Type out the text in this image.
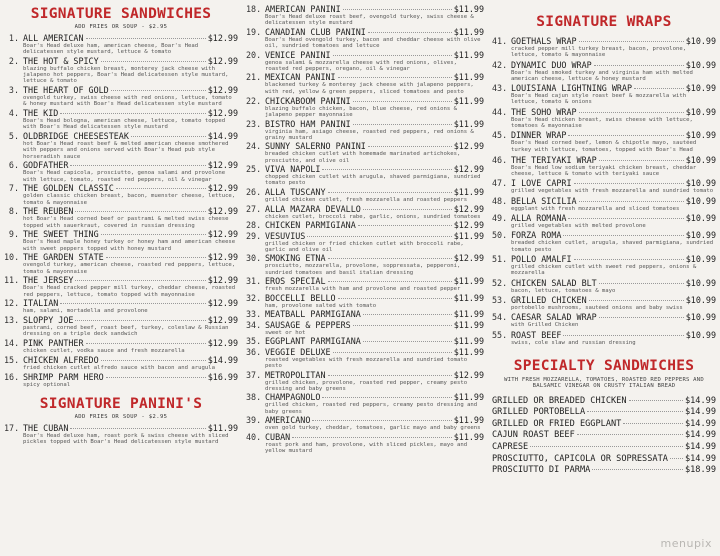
SIGNATURE SANDWICHES
ADD FRIES OR SOUP - $2.95
1. ALL AMERICAN	$12.99
Boar's Head deluxe ham, american cheese, Boar's Head delicatessen style mustard, lettuce & tomato
2. THE HOT & SPICY	$12.99
blazing buffalo chicken breast, monterey jack cheese with jalapeno hot peppers, Boar's Head delicatessen style mustard, lettuce & tomato
3. THE HEART OF GOLD	$12.99
ovengold turkey, swiss cheese with red onions, lettuce, tomato & honey mustard with Boar's Head delicatessen style mustard
4. THE KID	$12.99
Boar's Head bologna, american cheese, lettuce, tomato topped with Boar's Head delicatessen style mustard
5. OLDBRIDGE CHEESESTEAK	$14.99
hot Boar's Head roast beef & melted american cheese smothered with peppers and onions served with Boar's Head pub style horseradish sauce
6. GODFATHER	$12.99
Boar's Head capicola, prosciutto, genoa salami and provolone with lettuce, tomato, roasted red peppers, oil & vinegar
7. THE GOLDEN CLASSIC	$12.99
golden classic chicken breast, bacon, muenster cheese, lettuce, tomato & mayonnaise
8. THE REUBEN	$12.99
hot Boar's Head corned beef or pastrami & melted swiss cheese topped with sauerkraut, covered in russian dressing
9. THE SWEET THING	$12.99
Boar's Head maple honey turkey or honey ham and american cheese with sweet peppers topped with honey mustard
10. THE GARDEN STATE	$12.99
ovengold turkey, american cheese, roasted red peppers, lettuce, tomato & mayonnaise
11. THE JERSEY	$12.99
Boar's Head cracked pepper mill turkey, cheddar cheese, roasted red peppers, lettuce, tomato topped with mayonnaise
12. ITALIAN	$12.99
ham, salami, mortadella and provolone
13. SLOPPY JOE	$12.99
pastrami, corned beef, roast beef, turkey, coleslaw & Russian dressing on a triple deck sandwich
14. PINK PANTHER	$12.99
chicken cutlet, vodka sauce and fresh mozzarella
15. CHICKEN ALFREDO	$14.99
fried chicken cutlet alfredo sauce with bacon and arugula
16. SHRIMP PARM HERO	$16.99
spicy optional
SIGNATURE PANINI'S
ADD FRIES OR SOUP - $2.95
17. THE CUBAN	$11.99
Boar's Head deluxe ham, roast pork & swiss cheese with sliced pickles topped with Boar's Head delicatessen style mustard
18. AMERICAN PANINI	$11.99
Boar's Head deluxe roast beef, ovengold turkey, swiss cheese & delicatessen style mustard
19. CANADIAN CLUB PANINI	$11.99
Boar's Head ovengold turkey, bacon and cheddar cheese with olive oil, sundried tomatoes and lettuce
20. VENICE PANINI	$11.99
genoa salami & mozzarella cheese with red onions, olives, roasted red peppers, oregano, oil & vinegar
21. MEXICAN PANINI	$11.99
blackened turkey & monterey jack cheese with jalapeno peppers, with red, yellow & green peppers, sliced tomatoes and pesto
22. CHICKABOOM PANINI	$11.99
blazing buffalo chicken, bacon, blue cheese, red onions & jalapeno pepper mayonnaise
23. BISTRO HAM PANINI	$11.99
virginia ham, asiago cheese, roasted red peppers, red onions & grainy mustard
24. SUNNY SALERNO PANINI	$12.99
breaded chicken cutlet with homemade marinated artichokes, prosciutto, and olive oil
25. VIVA NAPOLI	$12.99
chopped chicken cutlet with arugula, shaved parmigiana, sundried tomato pesto
26. ALLA TUSCANY	$11.99
grilled chicken cutlet, fresh mozzarella and roasted peppers
27. ALLA MAZARA DEVALLO	$12.99
chicken cutlet, broccoli rabe, garlic, onions, sundried tomatoes
28. CHICKEN PARMIGIANA	$12.99
29. VESUVIUS	$11.99
grilled chicken or fried chicken cutlet with broccoli rabe, garlic and olive oil
30. SMOKING ETNA	$12.99
prosciutto, mozzarella, provolone, soppressata, pepperoni, sundried tomatoes and basil italian dressing
31. EROS SPECIAL	$11.99
fresh mozzarella with ham and provolone and roasted pepper
32. BOCCELLI BELLO	$11.99
ham, provolone salted with tomato
33. MEATBALL PARMIGIANA	$11.99
34. SAUSAGE & PEPPERS	$11.99
sweet or hot
35. EGGPLANT PARMIGIANA	$11.99
36. VEGGIE DELUXE	$11.99
roasted vegetables with fresh mozzarella and sundried tomato pesto
37. METROPOLITAN	$12.99
grilled chicken, provolone, roasted red pepper, creamy pesto dressing and baby greens
38. CHAMPAGNOLO	$11.99
grilled chicken, roasted red peppers, creamy pesto dressing and baby greens
39. AMERICANO	$11.99
oven gold turkey, cheddar, tomatoes, garlic mayo and baby greens
40. CUBAN	$11.99
roast pork and ham, provolone, with sliced pickles, mayo and yellow mustard
SIGNATURE WRAPS
41. GOETHALS WRAP	$10.99
cracked pepper mill turkey breast, bacon, provolone, lettuce, tomato & mayonnaise
42. DYNAMIC DUO WRAP	$10.99
Boar's Head smoked turkey and virginia ham with melted american cheese, lettuce & honey mustard
43. LOUISIANA LIGHTNING WRAP	$10.99
Boar's Head cajun style roast beef & mozzarella with lettuce, tomato & onions
44. THE SOHO WRAP	$10.99
Boar's Head chicken breast, swiss cheese with lettuce, tomatoes & mayonnaise
45. DINNER WRAP	$10.99
Boar's Head corned beef, lemon & chipotle mayo, sautéed turkey with lettuce, tomatoes, topped with Boar's Head
46. THE TERIYAKI WRAP	$10.99
Boar's Head low sodium teriyaki chicken breast, cheddar cheese, lettuce & tomato with teriyaki sauce
47. I LOVE CAPRI	$10.99
grilled vegetables with fresh mozzarella and sundried tomato
48. BELLA SICILIA	$10.99
eggplant with fresh mozzarella and sliced tomatoes
49. ALLA ROMANA	$10.99
grilled vegetables with melted provolone
50. FORZA ROMA	$10.99
breaded chicken cutlet, arugula, shaved parmigiana, sundried tomato pesto
51. POLLO AMALFI	$10.99
grilled chicken cutlet with sweet red peppers, onions & mozzarella
52. CHICKEN SALAD BLT	$10.99
bacon, lettuce, tomatoes & mayo
53. GRILLED CHICKEN	$10.99
portobello mushrooms, sautéed onions and baby swiss
54. CAESAR SALAD WRAP	$10.99
with Grilled Chicken
55. ROAST BEEF	$10.99
swiss, cole slaw and russian dressing
SPECIALTY SANDWICHES
WITH FRESH MOZZARELLA, TOMATOES, ROASTED RED PEPPERS AND BALSAMIC VINEGAR ON CRUSTY ITALIAN BREAD
GRILLED OR BREADED CHICKEN	$14.99
GRILLED PORTOBELLA	$14.99
GRILLED OR FRIED EGGPLANT	$14.99
CAJUN ROAST BEEF	$14.99
CAPRESE	$14.99
PROSCIUTTO, CAPICOLA OR SOPRESSATA $14.99
PROSCIUTTO DI PARMA	$18.99
menupix
